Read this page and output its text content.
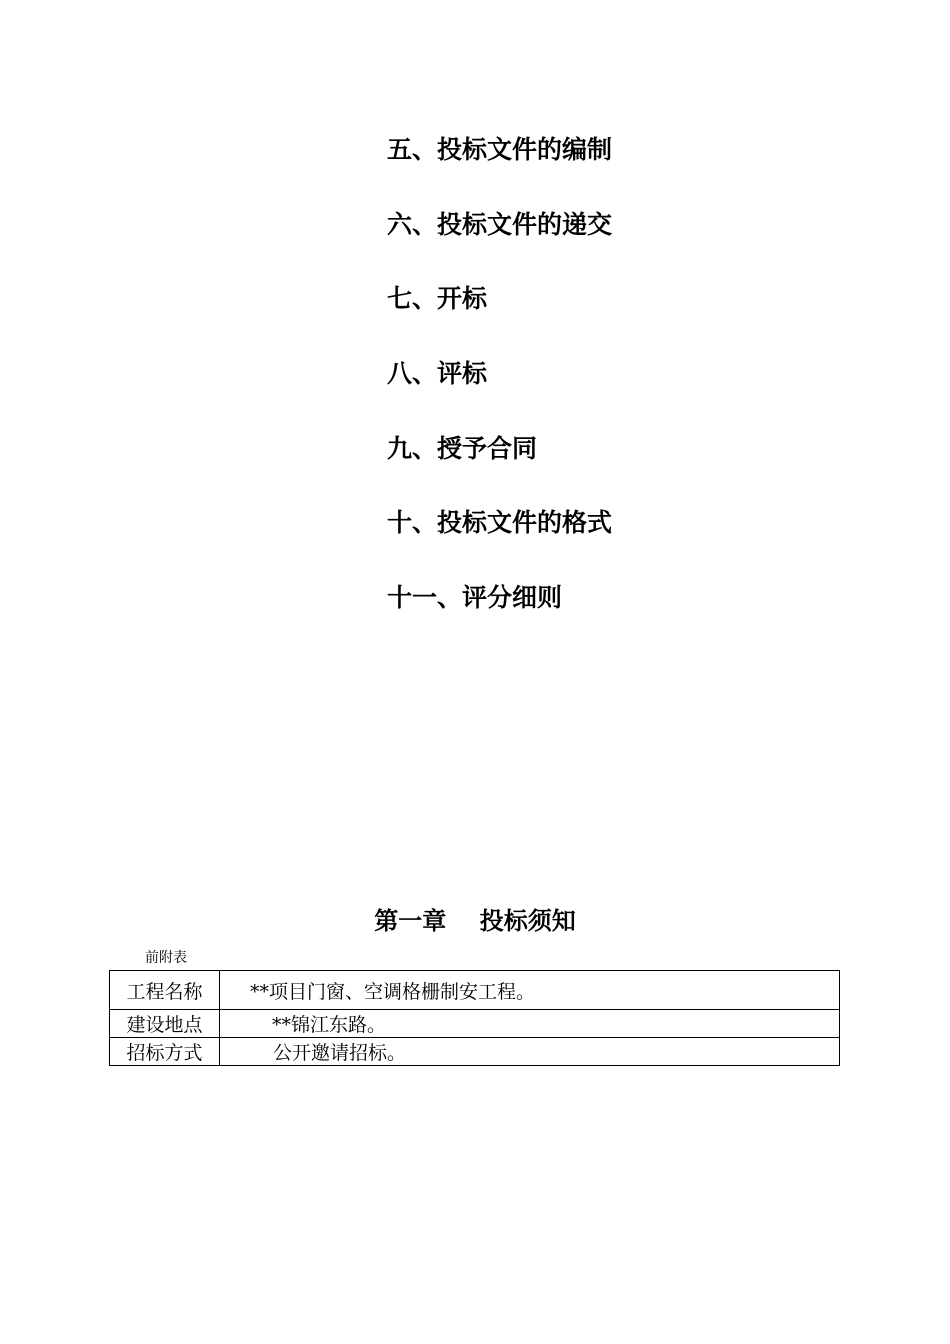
五、投标文件的编制
六、投标文件的递交
七、开标
八、评标
九、授予合同
十、投标文件的格式
十一、评分细则
第一章    投标须知
前附表
工程名称	**项目门窗、空调格栅制安工程。
建设地点	**锦江东路。
招标方式	公开邀请招标。
